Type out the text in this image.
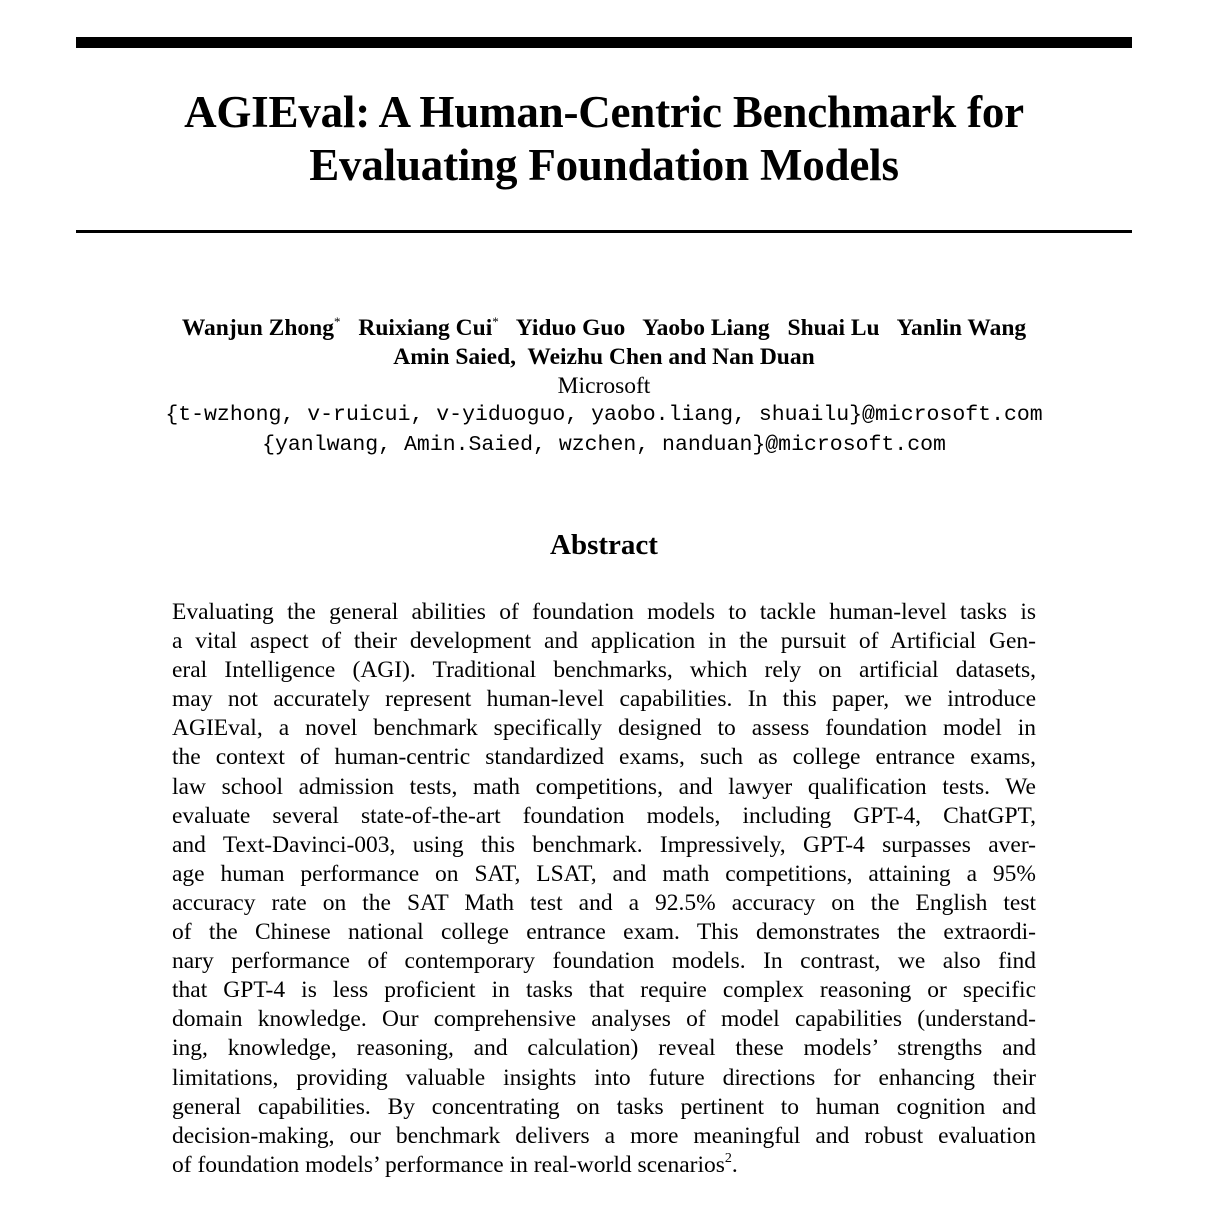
AGIEval: A Human-Centric Benchmark for
Evaluating Foundation Models
Wanjun Zhong* Ruixiang Cui* Yiduo Guo Yaobo Liang Shuai Lu Yanlin Wang
Amin Saied,  Weizhu Chen and Nan Duan
Microsoft
{t-wzhong, v-ruicui, v-yiduoguo, yaobo.liang, shuailu}@microsoft.com
{yanlwang, Amin.Saied, wzchen, nanduan}@microsoft.com
Abstract
Evaluating the general abilities of foundation models to tackle human-level tasks is
a vital aspect of their development and application in the pursuit of Artificial Gen-
eral Intelligence (AGI). Traditional benchmarks, which rely on artificial datasets,
may not accurately represent human-level capabilities. In this paper, we introduce
AGIEval, a novel benchmark specifically designed to assess foundation model in
the context of human-centric standardized exams, such as college entrance exams,
law school admission tests, math competitions, and lawyer qualification tests. We
evaluate several state-of-the-art foundation models, including GPT-4, ChatGPT,
and Text-Davinci-003, using this benchmark. Impressively, GPT-4 surpasses aver-
age human performance on SAT, LSAT, and math competitions, attaining a 95%
accuracy rate on the SAT Math test and a 92.5% accuracy on the English test
of the Chinese national college entrance exam. This demonstrates the extraordi-
nary performance of contemporary foundation models. In contrast, we also find
that GPT-4 is less proficient in tasks that require complex reasoning or specific
domain knowledge. Our comprehensive analyses of model capabilities (understand-
ing, knowledge, reasoning, and calculation) reveal these models’ strengths and
limitations, providing valuable insights into future directions for enhancing their
general capabilities. By concentrating on tasks pertinent to human cognition and
decision-making, our benchmark delivers a more meaningful and robust evaluation
of foundation models’ performance in real-world scenarios$^2$.
